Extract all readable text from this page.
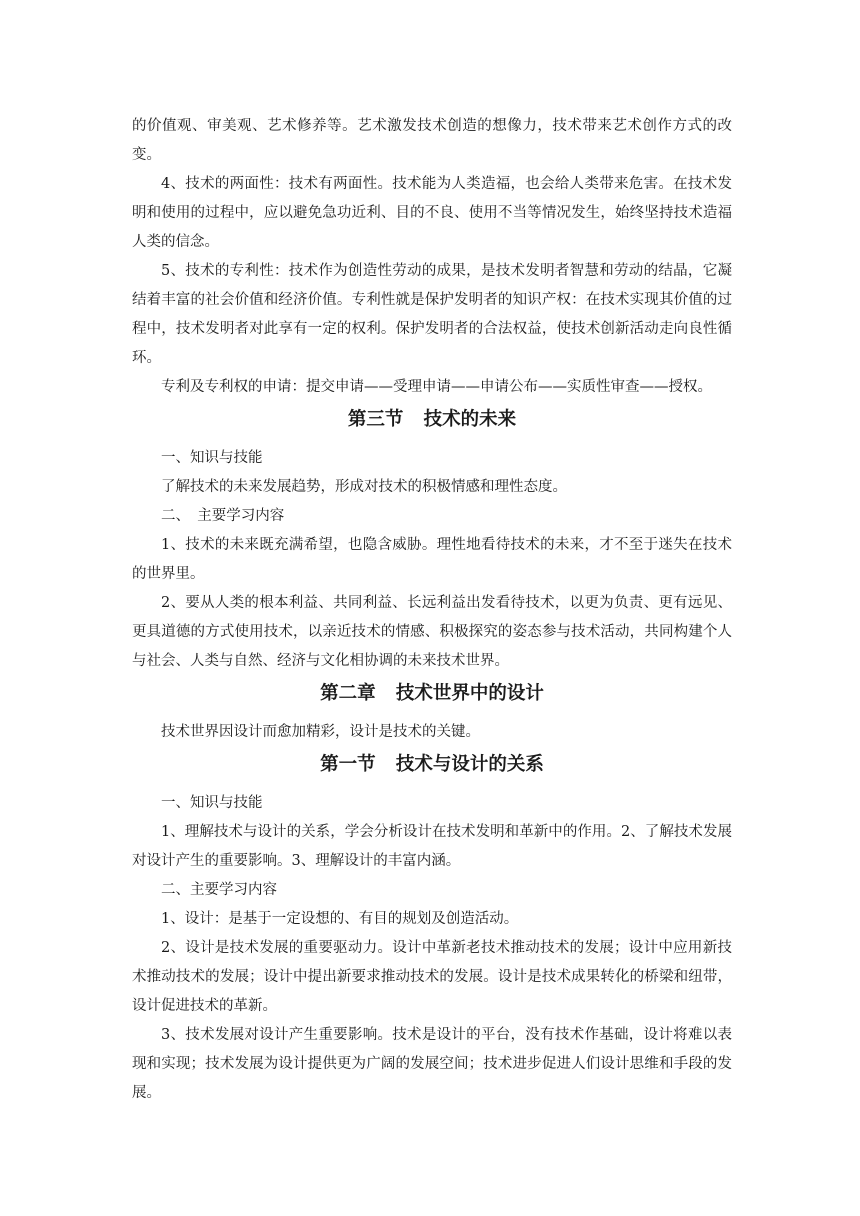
的价值观、审美观、艺术修养等。艺术激发技术创造的想像力，技术带来艺术创作方式的改变。

4、技术的两面性：技术有两面性。技术能为人类造福，也会给人类带来危害。在技术发明和使用的过程中，应以避免急功近利、目的不良、使用不当等情况发生，始终坚持技术造福人类的信念。

5、技术的专利性：技术作为创造性劳动的成果，是技术发明者智慧和劳动的结晶，它凝结着丰富的社会价值和经济价值。专利性就是保护发明者的知识产权：在技术实现其价值的过程中，技术发明者对此享有一定的权利。保护发明者的合法权益，使技术创新活动走向良性循环。

专利及专利权的申请：提交申请——受理申请——申请公布——实质性审查——授权。

第三节 技术的未来

一、知识与技能

了解技术的未来发展趋势，形成对技术的积极情感和理性态度。

二、　主要学习内容

1、技术的未来既充满希望，也隐含威胁。理性地看待技术的未来，才不至于迷失在技术的世界里。

2、要从人类的根本利益、共同利益、长远利益出发看待技术，以更为负责、更有远见、更具道德的方式使用技术，以亲近技术的情感、积极探究的姿态参与技术活动，共同构建个人与社会、人类与自然、经济与文化相协调的未来技术世界。

第二章 技术世界中的设计

技术世界因设计而愈加精彩，设计是技术的关键。

第一节 技术与设计的关系

一、知识与技能

1、理解技术与设计的关系，学会分析设计在技术发明和革新中的作用。2、了解技术发展对设计产生的重要影响。3、理解设计的丰富内涵。

二、主要学习内容

1、设计：是基于一定设想的、有目的规划及创造活动。

2、设计是技术发展的重要驱动力。设计中革新老技术推动技术的发展；设计中应用新技术推动技术的发展；设计中提出新要求推动技术的发展。设计是技术成果转化的桥梁和纽带，设计促进技术的革新。

3、技术发展对设计产生重要影响。技术是设计的平台，没有技术作基础，设计将难以表现和实现；技术发展为设计提供更为广阔的发展空间；技术进步促进人们设计思维和手段的发展。
